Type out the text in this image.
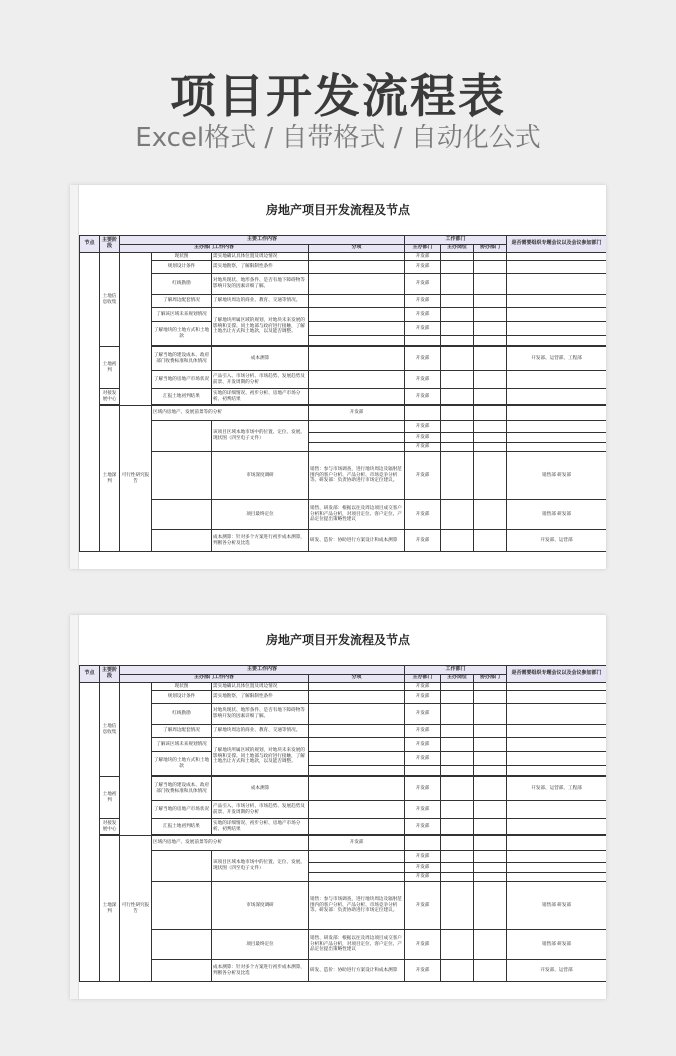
项目开发流程表
Excel格式 / 自带格式 / 自动化公式
房地产项目开发流程及节点
节点	主要阶段	主要工作内容				工作部门			是否需要组织专题会议以及会议参加部门
		主办部门工作内容			分项	主办部门	主办岗位	协办部门	
	土地信息收集		现状图	需实地确认具体位置及周边情况		开发部			
			规划设计条件	需实地勘察，了解限制性条件		开发部			
			红线勘勘	对地块现状、地形条件、是否有地下障碍物等影响开发的因素详细了解。		开发部			
			了解周边配套情况	了解地块周边的商业、教育、交通等情况。		开发部			
			了解该区域未来规划情况	了解地块所属区域的规划，对地块未来发展的影响和支撑。同土地部与政府进行接触，了解土地出让方式和土地款，以及能否调整。		开发部			
			了解地块的土地方式和土地款			开发部			

	土地初判		了解当地的建设成本、政府部门收费标准和具体情况	成本测算		开发部			开发部、运营部、工程部
			了解当地的房地产市场状况	产品引入、市场分析、市场趋势、发展趋势及前景、开发周期的分析		开发部			
	对接发展中心		汇报土地初判结果	实地的详细情况、初步分析、房地产市场分析、初判结果		开发部			

	土地深判	可行性研究报告	区域内房地产、发展前景等的分析		开发部				
				该项目区域本地市场中的位置、定位、发展。现状图（四至电子文件）		开发部			
						开发部			
						开发部			
				市场深度调研	销售：参与市场调查，进行地块周边及辐射范围内的客户分析、产品分析、市场竞争分析等。研发部：负责协助进行市场定位建议。	开发部			销售部 研发部
				项目最终定位	销售、研发部：根据以往及周边项目成交客户分析和产品分析，对项目定位、客户定位、产品定位提出策略性建议	开发部			销售部 研发部
				成本测算：针对多个方案进行初步成本测算，判断各分析及比选	研发、造价：协助进行方案设计和成本测算	开发部			开发部、运营部
房地产项目开发流程及节点
节点	主要阶段	主要工作内容				工作部门			是否需要组织专题会议以及会议参加部门
		主办部门工作内容			分项	主办部门	主办岗位	协办部门	
	土地信息收集		现状图	需实地确认具体位置及周边情况		开发部			
			规划设计条件	需实地勘察，了解限制性条件		开发部			
			红线勘勘	对地块现状、地形条件、是否有地下障碍物等影响开发的因素详细了解。		开发部			
			了解周边配套情况	了解地块周边的商业、教育、交通等情况。		开发部			
			了解该区域未来规划情况	了解地块所属区域的规划，对地块未来发展的影响和支撑。同土地部与政府进行接触，了解土地出让方式和土地款，以及能否调整。		开发部			
			了解地块的土地方式和土地款			开发部			

	土地初判		了解当地的建设成本、政府部门收费标准和具体情况	成本测算		开发部			开发部、运营部、工程部
			了解当地的房地产市场状况	产品引入、市场分析、市场趋势、发展趋势及前景、开发周期的分析		开发部			
	对接发展中心		汇报土地初判结果	实地的详细情况、初步分析、房地产市场分析、初判结果		开发部			

	土地深判	可行性研究报告	区域内房地产、发展前景等的分析		开发部				
				该项目区域本地市场中的位置、定位、发展。现状图（四至电子文件）		开发部			
						开发部			
						开发部			
				市场深度调研	销售：参与市场调查，进行地块周边及辐射范围内的客户分析、产品分析、市场竞争分析等。研发部：负责协助进行市场定位建议。	开发部			销售部 研发部
				项目最终定位	销售、研发部：根据以往及周边项目成交客户分析和产品分析，对项目定位、客户定位、产品定位提出策略性建议	开发部			销售部 研发部
				成本测算：针对多个方案进行初步成本测算，判断各分析及比选	研发、造价：协助进行方案设计和成本测算	开发部			开发部、运营部
